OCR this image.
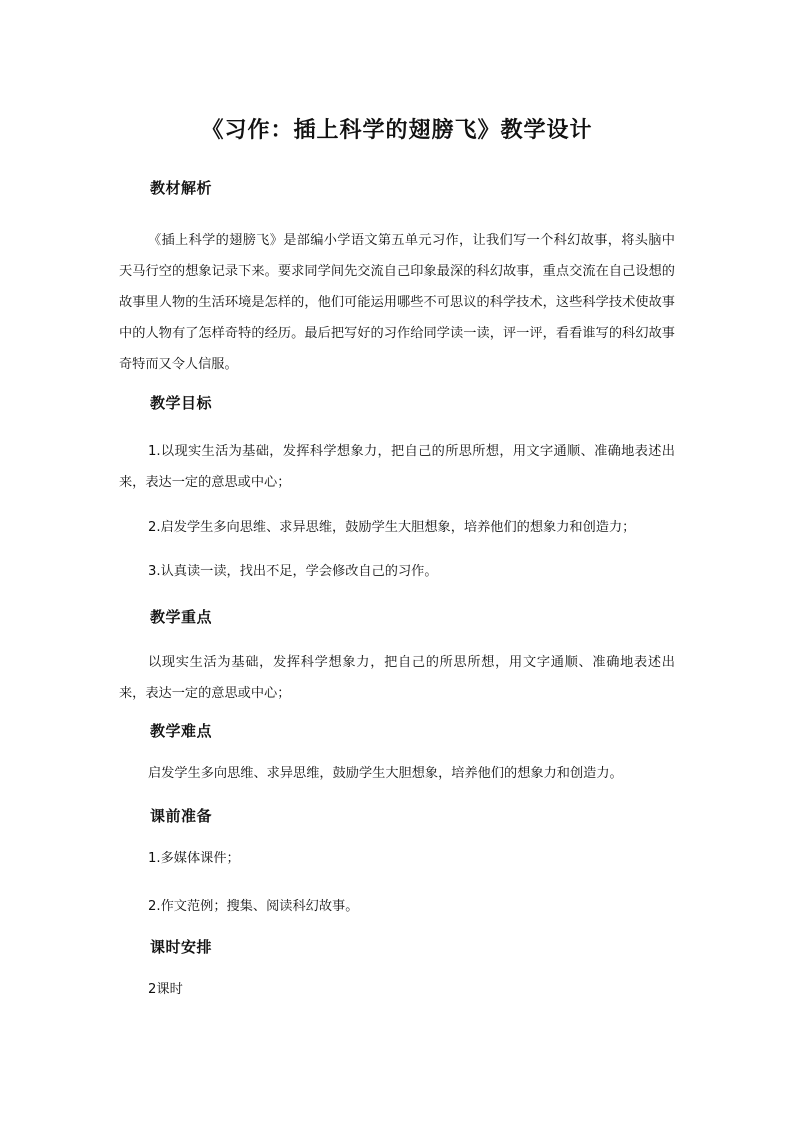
《习作：插上科学的翅膀飞》教学设计
教材解析
《插上科学的翅膀飞》是部编小学语文第五单元习作，让我们写一个科幻故事，将头脑中天马行空的想象记录下来。要求同学间先交流自己印象最深的科幻故事，重点交流在自己设想的故事里人物的生活环境是怎样的，他们可能运用哪些不可思议的科学技术，这些科学技术使故事中的人物有了怎样奇特的经历。最后把写好的习作给同学读一读，评一评，看看谁写的科幻故事奇特而又令人信服。
教学目标
1.以现实生活为基础，发挥科学想象力，把自己的所思所想，用文字通顺、准确地表述出来，表达一定的意思或中心；
2.启发学生多向思维、求异思维，鼓励学生大胆想象，培养他们的想象力和创造力；
3.认真读一读，找出不足，学会修改自己的习作。
教学重点
以现实生活为基础，发挥科学想象力，把自己的所思所想，用文字通顺、准确地表述出来，表达一定的意思或中心；
教学难点
启发学生多向思维、求异思维，鼓励学生大胆想象，培养他们的想象力和创造力。
课前准备
1.多媒体课件；
2.作文范例；搜集、阅读科幻故事。
课时安排
2课时
